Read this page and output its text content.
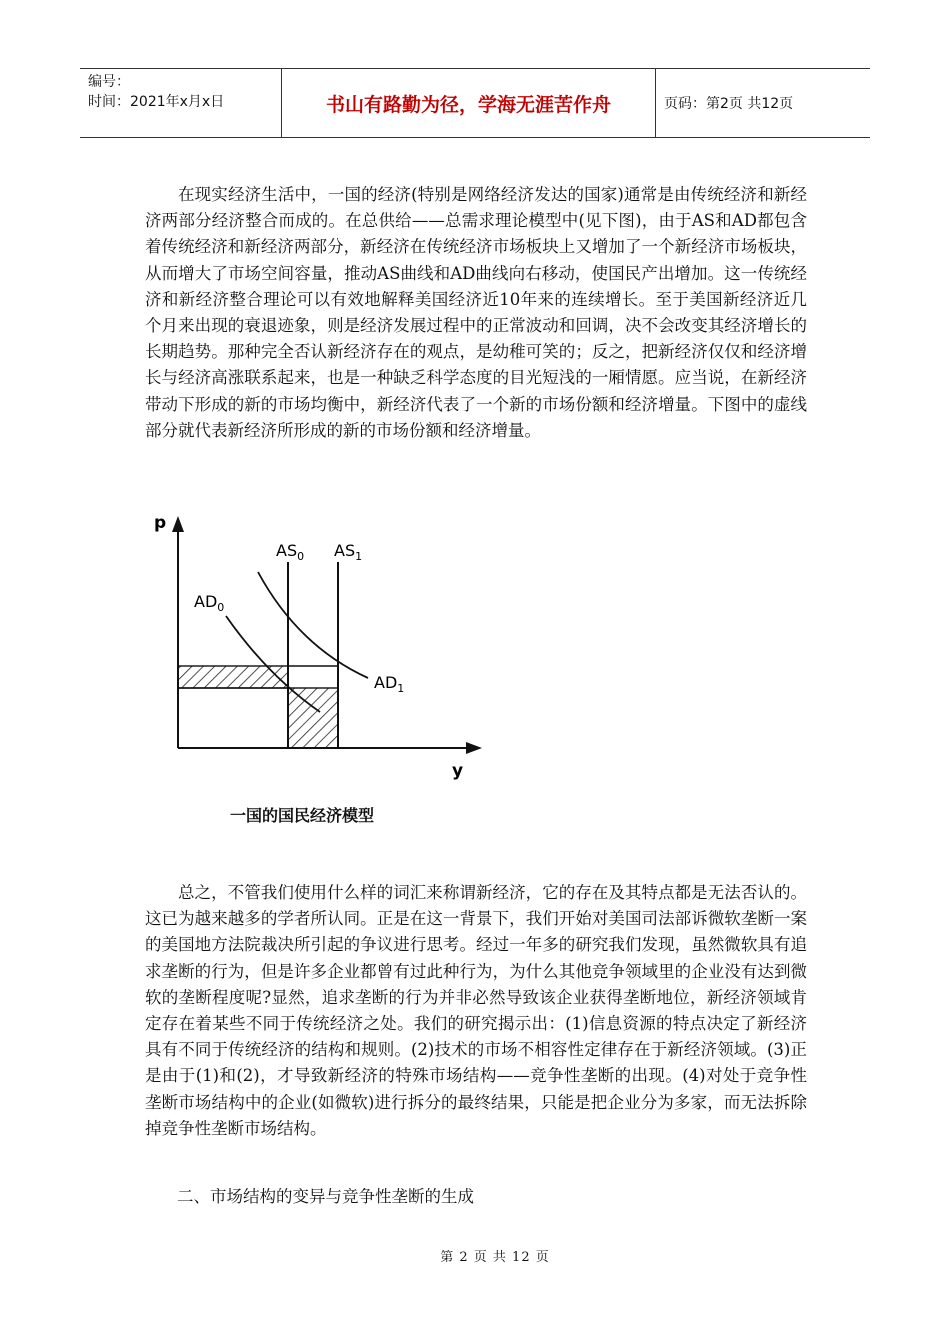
编号：
时间：2021年x月x日	书山有路勤为径，学海无涯苦作舟	页码：第2页 共12页

在现实经济生活中，一国的经济(特别是网络经济发达的国家)通常是由传统经济和新经济两部分经济整合而成的。在总供给——总需求理论模型中(见下图)，由于AS和AD都包含着传统经济和新经济两部分，新经济在传统经济市场板块上又增加了一个新经济市场板块，从而增大了市场空间容量，推动AS曲线和AD曲线向右移动，使国民产出增加。这一传统经济和新经济整合理论可以有效地解释美国经济近10年来的连续增长。至于美国新经济近几个月来出现的衰退迹象，则是经济发展过程中的正常波动和回调，决不会改变其经济增长的长期趋势。那种完全否认新经济存在的观点，是幼稚可笑的；反之，把新经济仅仅和经济增长与经济高涨联系起来，也是一种缺乏科学态度的目光短浅的一厢情愿。应当说，在新经济带动下形成的新的市场均衡中，新经济代表了一个新的市场份额和经济增量。下图中的虚线部分就代表新经济所形成的新的市场份额和经济增量。

p
y
$AS_0$ $AS_1$
$AD_0$
$AD_1$
一国的国民经济模型

总之，不管我们使用什么样的词汇来称谓新经济，它的存在及其特点都是无法否认的。这已为越来越多的学者所认同。正是在这一背景下，我们开始对美国司法部诉微软垄断一案的美国地方法院裁决所引起的争议进行思考。经过一年多的研究我们发现，虽然微软具有追求垄断的行为，但是许多企业都曾有过此种行为，为什么其他竞争领域里的企业没有达到微软的垄断程度呢?显然，追求垄断的行为并非必然导致该企业获得垄断地位，新经济领域肯定存在着某些不同于传统经济之处。我们的研究揭示出：(1)信息资源的特点决定了新经济具有不同于传统经济的结构和规则。(2)技术的市场不相容性定律存在于新经济领域。(3)正是由于(1)和(2)，才导致新经济的特殊市场结构——竞争性垄断的出现。(4)对处于竞争性垄断市场结构中的企业(如微软)进行拆分的最终结果，只能是把企业分为多家，而无法拆除掉竞争性垄断市场结构。

二、市场结构的变异与竞争性垄断的生成

第 2 页 共 12 页
